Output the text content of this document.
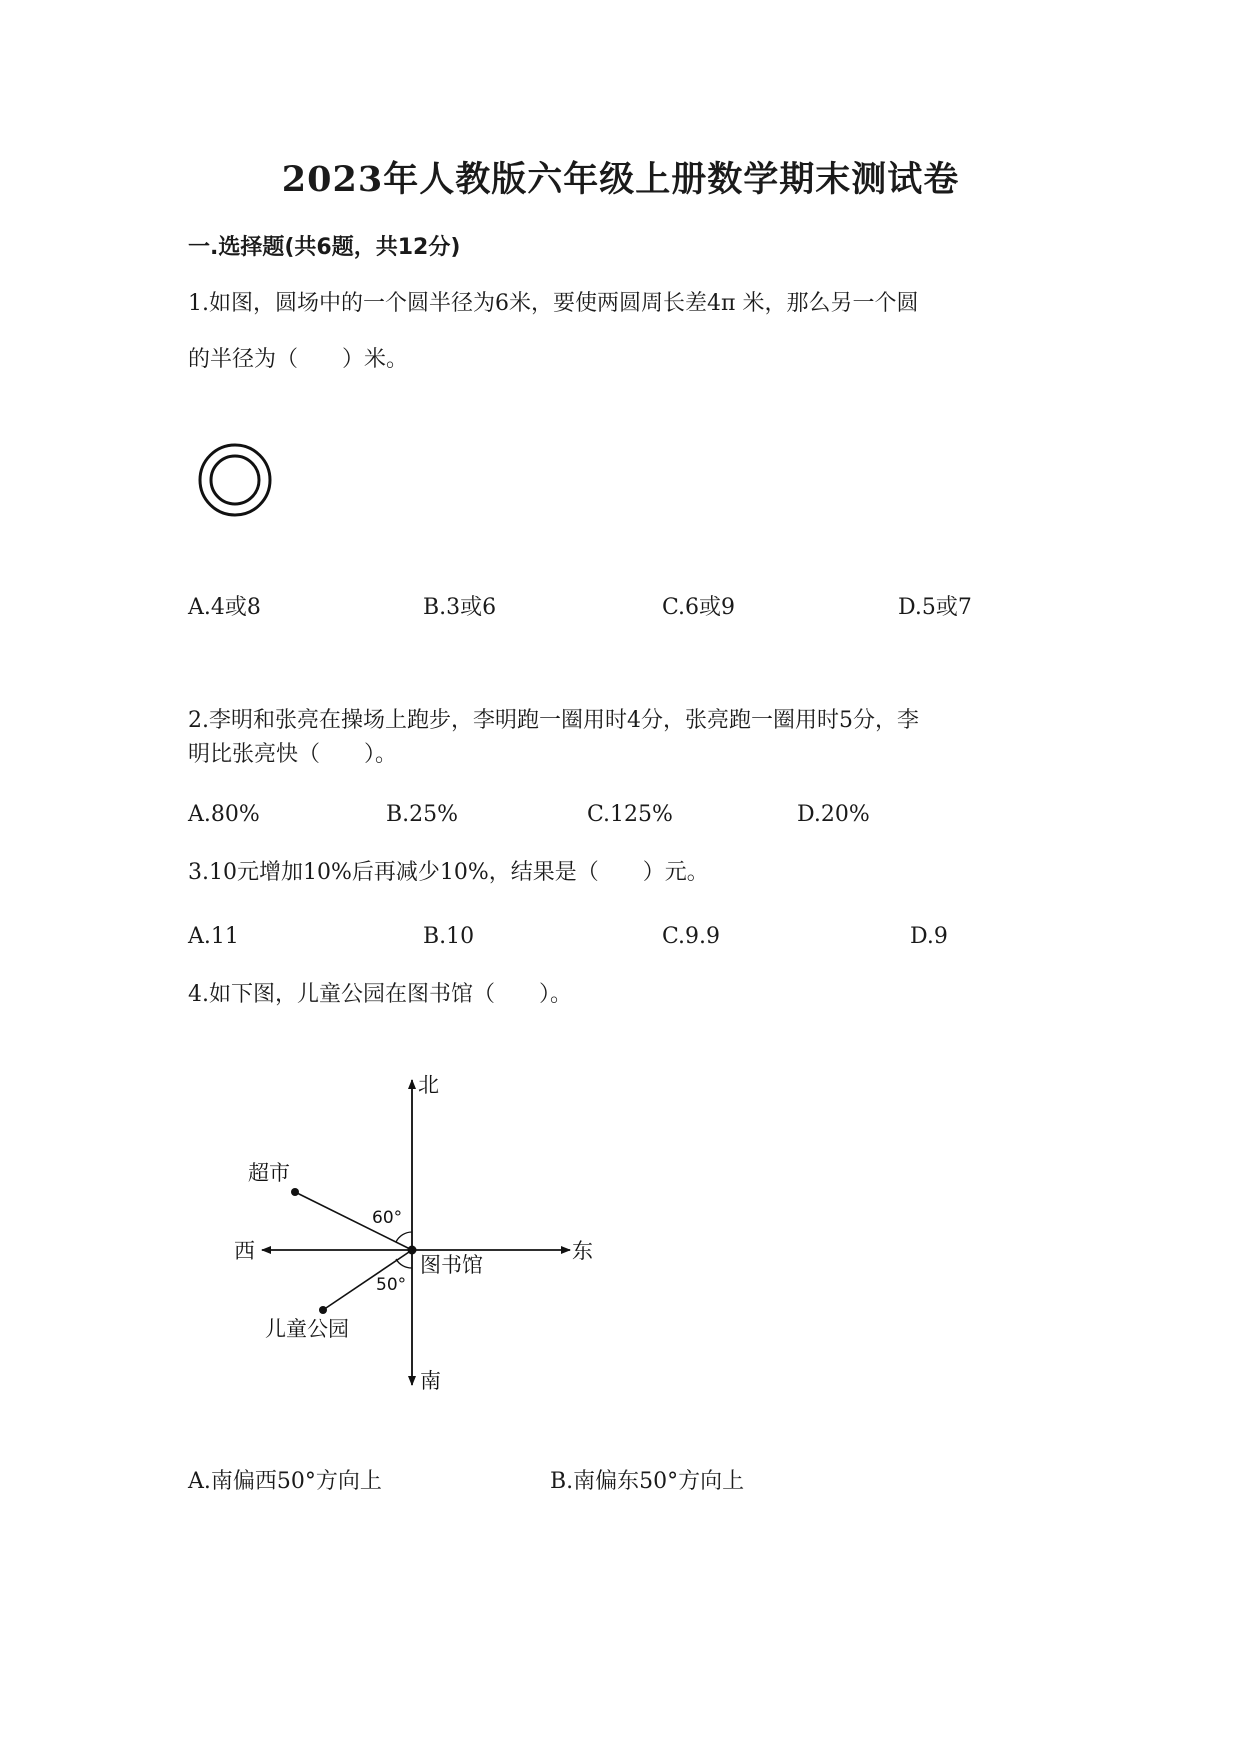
2023年人教版六年级上册数学期末测试卷
一.选择题(共6题，共12分)
1.如图，圆场中的一个圆半径为6米，要使两圆周长差4π 米，那么另一个圆
的半径为（　　）米。
A.4或8	B.3或6	C.6或9	D.5或7
2.李明和张亮在操场上跑步，李明跑一圈用时4分，张亮跑一圈用时5分，李
明比张亮快（　　）。
A.80%	B.25%	C.125%	D.20%
3.10元增加10%后再减少10%，结果是（　　）元。
A.11	B.10	C.9.9	D.9
4.如下图，儿童公园在图书馆（　　）。
北
南
东
西
超市
图书馆
儿童公园
60°
50°
A.南偏西50°方向上	B.南偏东50°方向上
